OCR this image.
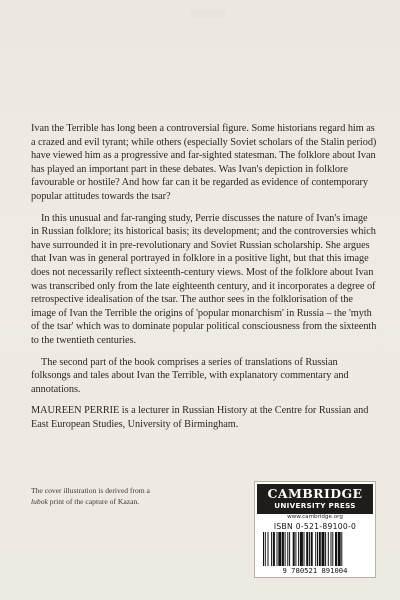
Ivan the Terrible has long been a controversial figure. Some historians regard him as a crazed and evil tyrant; while others (especially Soviet scholars of the Stalin period) have viewed him as a progressive and far-sighted statesman. The folklore about Ivan has played an important part in these debates. Was Ivan's depiction in folklore favourable or hostile? And how far can it be regarded as evidence of contemporary popular attitudes towards the tsar?

In this unusual and far-ranging study, Perrie discusses the nature of Ivan's image in Russian folklore; its historical basis; its development; and the controversies which have surrounded it in pre-revolutionary and Soviet Russian scholarship. She argues that Ivan was in general portrayed in folklore in a positive light, but that this image does not necessarily reflect sixteenth-century views. Most of the folklore about Ivan was transcribed only from the late eighteenth century, and it incorporates a degree of retrospective idealisation of the tsar. The author sees in the folklorisation of the image of Ivan the Terrible the origins of 'popular monarchism' in Russia – the 'myth of the tsar' which was to dominate popular political consciousness from the sixteenth to the twentieth centuries.

The second part of the book comprises a series of translations of Russian folksongs and tales about Ivan the Terrible, with explanatory commentary and annotations.

MAUREEN PERRIE is a lecturer in Russian History at the Centre for Russian and East European Studies, University of Birmingham.

The cover illustration is derived from a
lubok print of the capture of Kazan.
CAMBRIDGE
UNIVERSITY PRESS
www.cambridge.org
ISBN 0-521-89100-0
9 780521 891004
